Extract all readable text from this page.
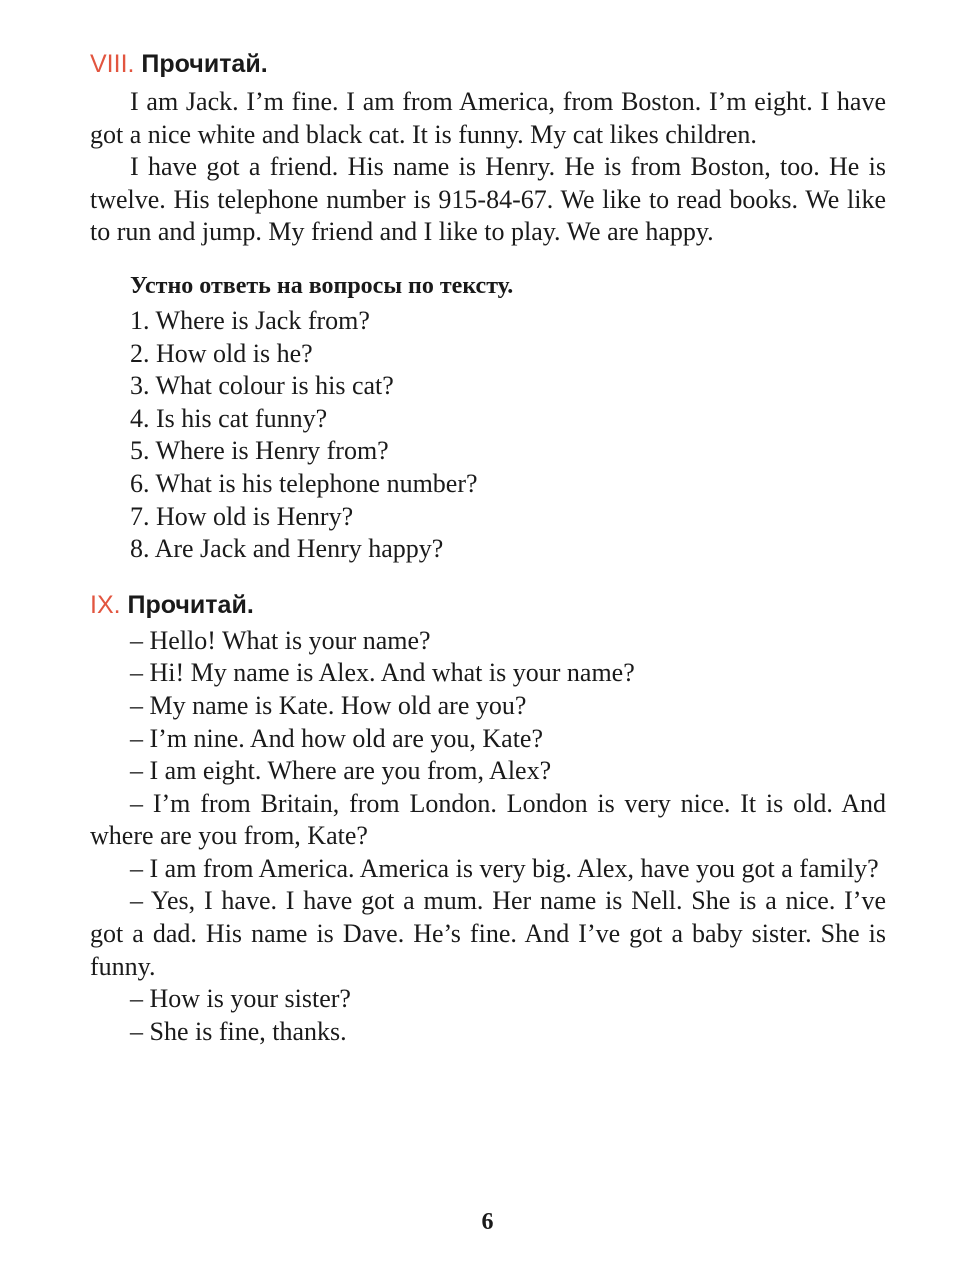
VIII. Прочитай.

I am Jack. I’m fine. I am from America, from Boston. I’m eight. I have got a nice white and black cat. It is funny. My cat likes children.

I have got a friend. His name is Henry. He is from Boston, too. He is twelve. His telephone number is 915-84-67. We like to read books. We like to run and jump. My friend and I like to play. We are happy.

Устно ответь на вопросы по тексту.

1. Where is Jack from?
2. How old is he?
3. What colour is his cat?
4. Is his cat funny?
5. Where is Henry from?
6. What is his telephone number?
7. How old is Henry?
8. Are Jack and Henry happy?
IX. Прочитай.

– Hello! What is your name?

– Hi! My name is Alex. And what is your name?

– My name is Kate. How old are you?

– I’m nine. And how old are you, Kate?

– I am eight. Where are you from, Alex?

– I’m from Britain, from London. London is very nice. It is old. And where are you from, Kate?

– I am from America. America is very big. Alex, have you got a family?

– Yes, I have. I have got a mum. Her name is Nell. She is a nice. I’ve got a dad. His name is Dave. He’s fine. And I’ve got a baby sister. She is funny.

– How is your sister?

– She is fine, thanks.

6
